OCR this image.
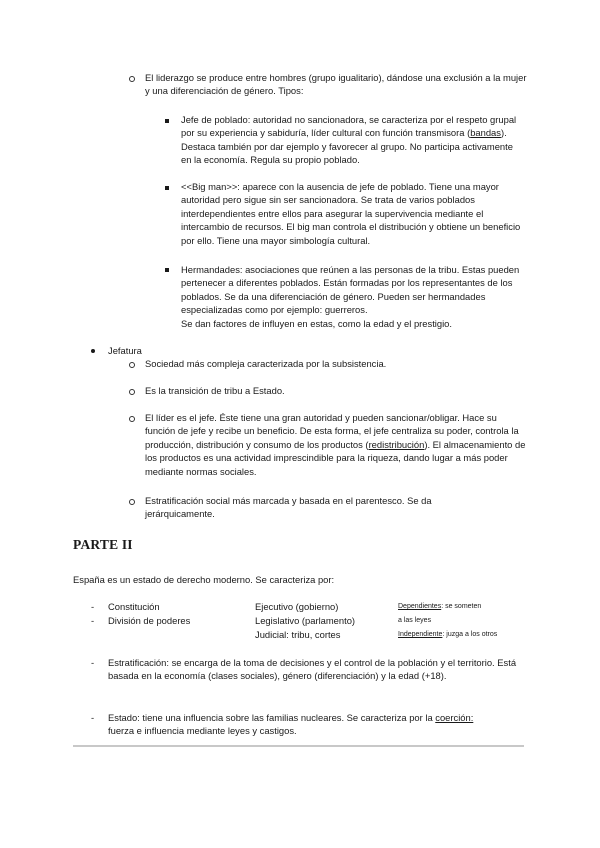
El liderazgo se produce entre hombres (grupo igualitario), dándose una exclusión a la mujer y una diferenciación de género. Tipos:
Jefe de poblado: autoridad no sancionadora, se caracteriza por el respeto grupal por su experiencia y sabiduría, líder cultural con función transmisora (bandas). Destaca también por dar ejemplo y favorecer al grupo. No participa activamente en la economía. Regula su propio poblado.
<<Big man>>: aparece con la ausencia de jefe de poblado. Tiene una mayor autoridad pero sigue sin ser sancionadora. Se trata de varios poblados interdependientes entre ellos para asegurar la supervivencia mediante el intercambio de recursos. El big man controla el distribución y obtiene un beneficio por ello. Tiene una mayor simbología cultural.
Hermandades: asociaciones que reúnen a las personas de la tribu. Estas pueden pertenecer a diferentes poblados. Están formadas por los representantes de los poblados. Se da una diferenciación de género. Pueden ser hermandades especializadas como por ejemplo: guerreros.
Se dan factores de influyen en estas, como la edad y el prestigio.
Jefatura
Sociedad más compleja caracterizada por la subsistencia.
Es la transición de tribu a Estado.
El líder es el jefe. Éste tiene una gran autoridad y pueden sancionar/obligar. Hace su función de jefe y recibe un beneficio. De esta forma, el jefe centraliza su poder, controla la producción, distribución y consumo de los productos (redistribución). El almacenamiento de los productos es una actividad imprescindible para la riqueza, dando lugar a más poder mediante normas sociales.
Estratificación social más marcada y basada en el parentesco. Se da jerárquicamente.
PARTE II
España es un estado de derecho moderno. Se caracteriza por:
- Constitución
- División de poderes
Ejecutivo (gobierno)
Legislativo (parlamento)
Judicial: tribu, cortes
Dependientes: se someten
a las leyes
Independiente: juzga a los otros
- Estratificación: se encarga de la toma de decisiones y el control de la población y el territorio. Está basada en la economía (clases sociales), género (diferenciación) y la edad (+18).
- Estado: tiene una influencia sobre las familias nucleares. Se caracteriza por la coerción:
fuerza e influencia mediante leyes y castigos.
